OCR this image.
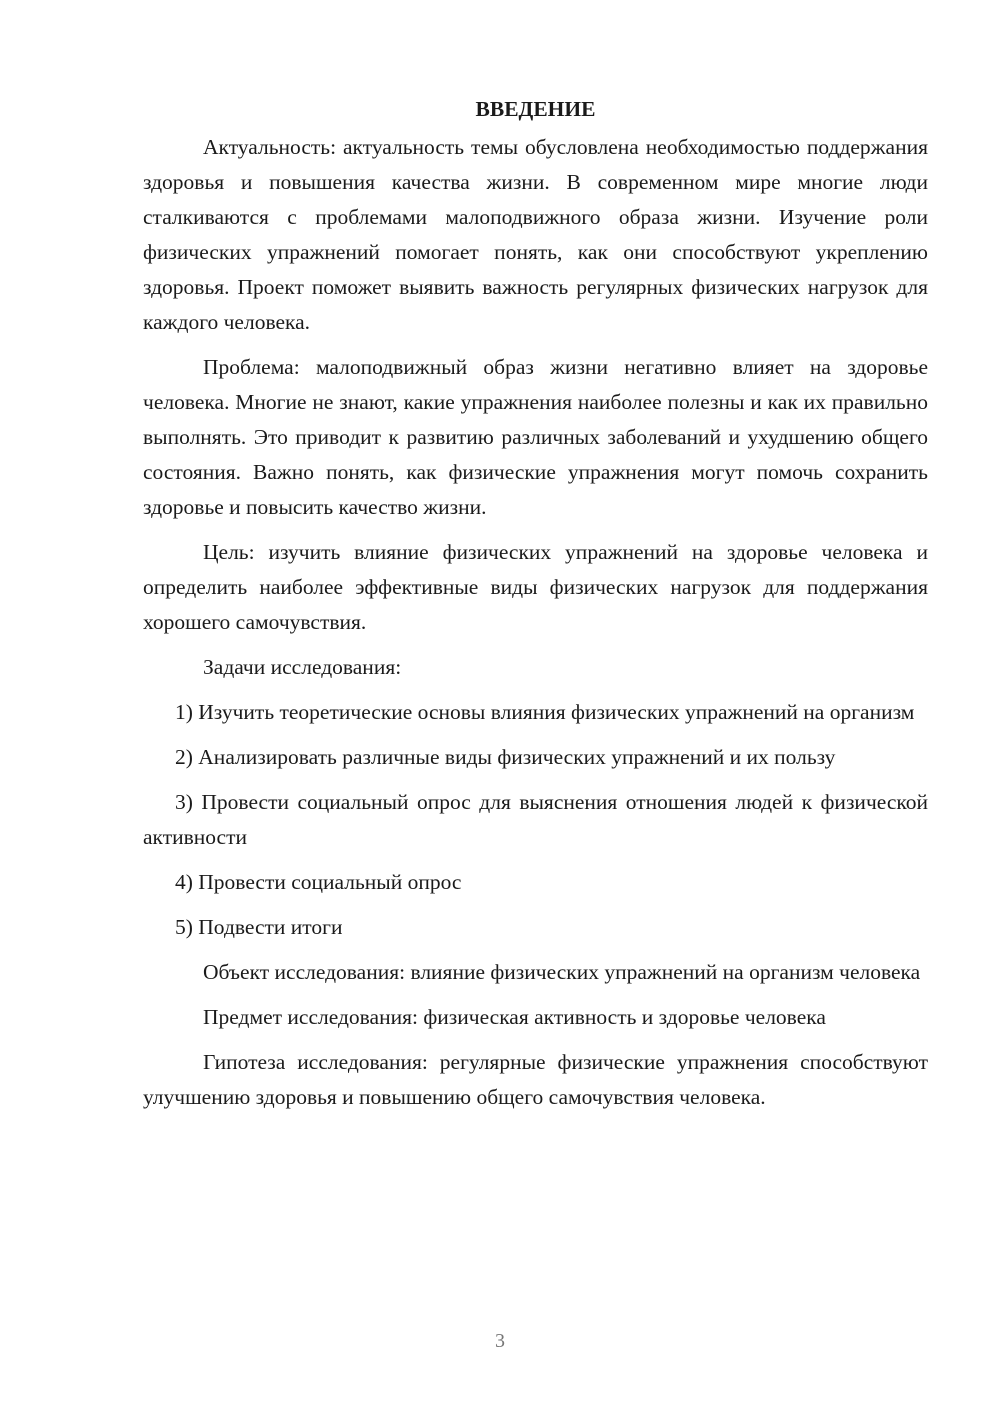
ВВЕДЕНИЕ

Актуальность: актуальность темы обусловлена необходимостью поддержания здоровья и повышения качества жизни. В современном мире многие люди сталкиваются с проблемами малоподвижного образа жизни. Изучение роли физических упражнений помогает понять, как они способствуют укреплению здоровья. Проект поможет выявить важность регулярных физических нагрузок для каждого человека.

Проблема: малоподвижный образ жизни негативно влияет на здоровье человека. Многие не знают, какие упражнения наиболее полезны и как их правильно выполнять. Это приводит к развитию различных заболеваний и ухудшению общего состояния. Важно понять, как физические упражнения могут помочь сохранить здоровье и повысить качество жизни.

Цель: изучить влияние физических упражнений на здоровье человека и определить наиболее эффективные виды физических нагрузок для поддержания хорошего самочувствия.

Задачи исследования:

1) Изучить теоретические основы влияния физических упражнений на организм

2) Анализировать различные виды физических упражнений и их пользу

3) Провести социальный опрос для выяснения отношения людей к физической активности

4) Провести социальный опрос

5) Подвести итоги

Объект исследования: влияние физических упражнений на организм человека

Предмет исследования: физическая активность и здоровье человека

Гипотеза исследования: регулярные физические упражнения способствуют улучшению здоровья и повышению общего самочувствия человека.

3
